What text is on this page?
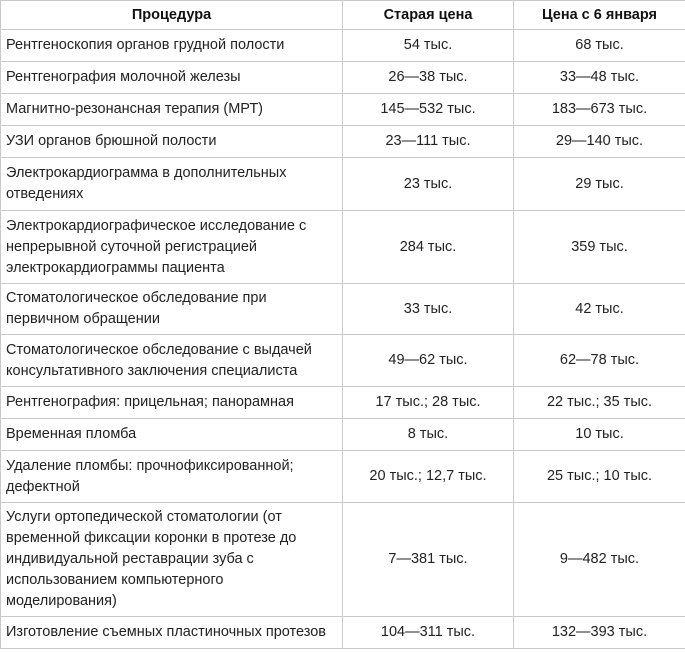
Процедура	Старая цена	Цена с 6 января
Рентгеноскопия органов грудной полости	54 тыс.	68 тыс.
Рентгенография молочной железы	26—38 тыс.	33—48 тыс.
Магнитно-резонансная терапия (МРТ)	145—532 тыс.	183—673 тыс.
УЗИ органов брюшной полости	23—111 тыс.	29—140 тыс.
Электрокардиограмма в дополнительных отведениях	23 тыс.	29 тыс.
Электрокардиографическое исследование с непрерывной суточной регистрацией электрокардиограммы пациента	284 тыс.	359 тыс.
Стоматологическое обследование при первичном обращении	33 тыс.	42 тыс.
Стоматологическое обследование с выдачей консультативного заключения специалиста	49—62 тыс.	62—78 тыс.
Рентгенография: прицельная; панорамная	17 тыс.; 28 тыс.	22 тыс.; 35 тыс.
Временная пломба	8 тыс.	10 тыс.
Удаление пломбы: прочнофиксированной; дефектной	20 тыс.; 12,7 тыс.	25 тыс.; 10 тыс.
Услуги ортопедической стоматологии (от временной фиксации коронки в протезе до индивидуальной реставрации зуба с использованием компьютерного моделирования)	7—381 тыс.	9—482 тыс.
Изготовление съемных пластиночных протезов	104—311 тыс.	132—393 тыс.
